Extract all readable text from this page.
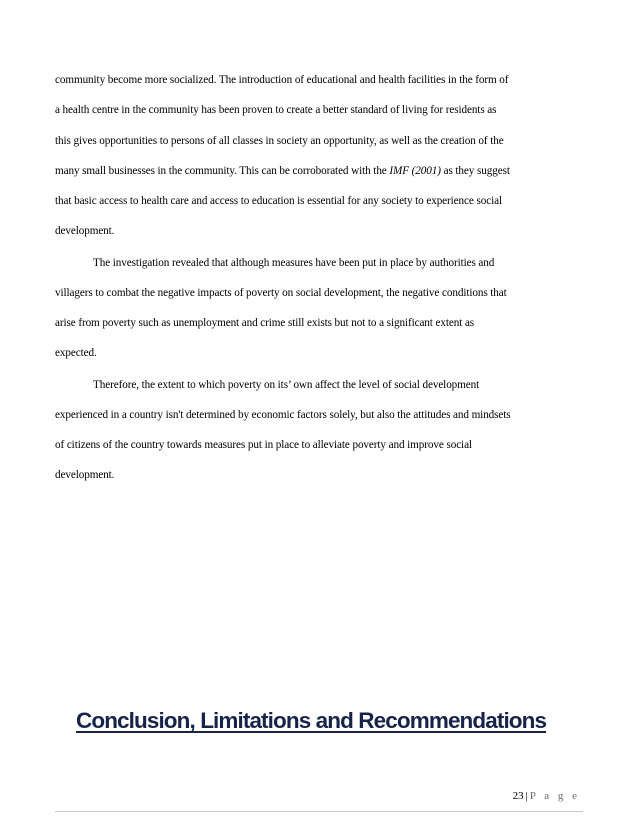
community become more socialized. The introduction of educational and health facilities in the form of
a health centre in the community has been proven to create a better standard of living for residents as
this gives opportunities to persons of all classes in society an opportunity, as well as the creation of the
many small businesses in the community. This can be corroborated with the IMF (2001) as they suggest
that basic access to health care and access to education is essential for any society to experience social
development.
The investigation revealed that although measures have been put in place by authorities and
villagers to combat the negative impacts of poverty on social development, the negative conditions that
arise from poverty such as unemployment and crime still exists but not to a significant extent as
expected.
Therefore, the extent to which poverty on its’ own affect the level of social development
experienced in a country isn't determined by economic factors solely, but also the attitudes and mindsets
of citizens of the country towards measures put in place to alleviate poverty and improve social
development.
Conclusion, Limitations and Recommendations
23 | P a g e
